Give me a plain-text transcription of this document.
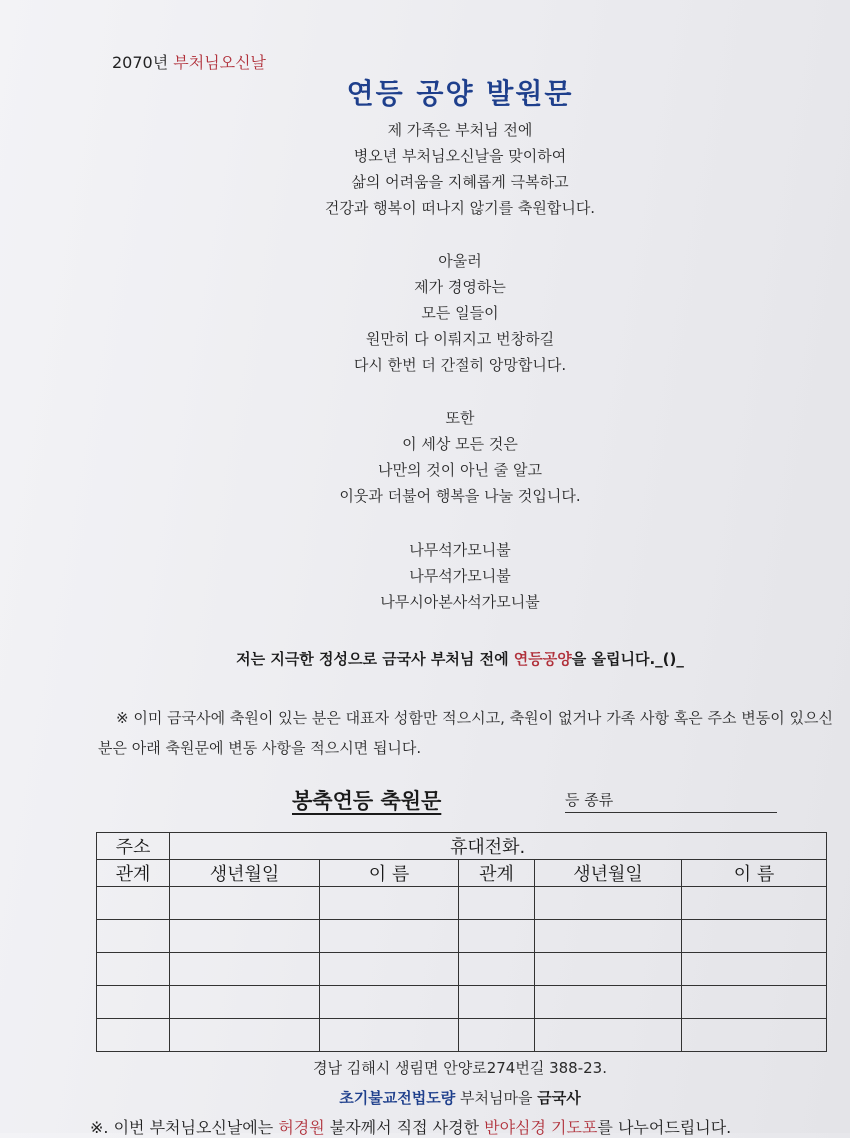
2070년 부처님오신날
연등 공양 발원문
제 가족은 부처님 전에
병오년 부처님오신날을 맞이하여
삶의 어려움을 지혜롭게 극복하고
건강과 행복이 떠나지 않기를 축원합니다.
아울러
제가 경영하는
모든 일들이
원만히 다 이뤄지고 번창하길
다시 한번 더 간절히 앙망합니다.
또한
이 세상 모든 것은
나만의 것이 아닌 줄 알고
이웃과 더불어 행복을 나눌 것입니다.
나무석가모니불
나무석가모니불
나무시아본사석가모니불
저는 지극한 정성으로 금국사 부처님 전에 연등공양을 올립니다._()_
※ 이미 금국사에 축원이 있는 분은 대표자 성함만 적으시고, 축원이 없거나 가족 사항 혹은 주소 변동이 있으신 분은 아래 축원문에 변동 사항을 적으시면 됩니다.
봉축연등 축원문	등 종류
주소	휴대전화.				
관계	생년월일	이 름	관계	생년월일	이 름

경남 김해시 생림면 안양로274번길 388-23.
초기불교전법도량 부처님마을 금국사
※. 이번 부처님오신날에는 허경원 불자께서 직접 사경한 반야심경 기도포를 나누어드립니다.
